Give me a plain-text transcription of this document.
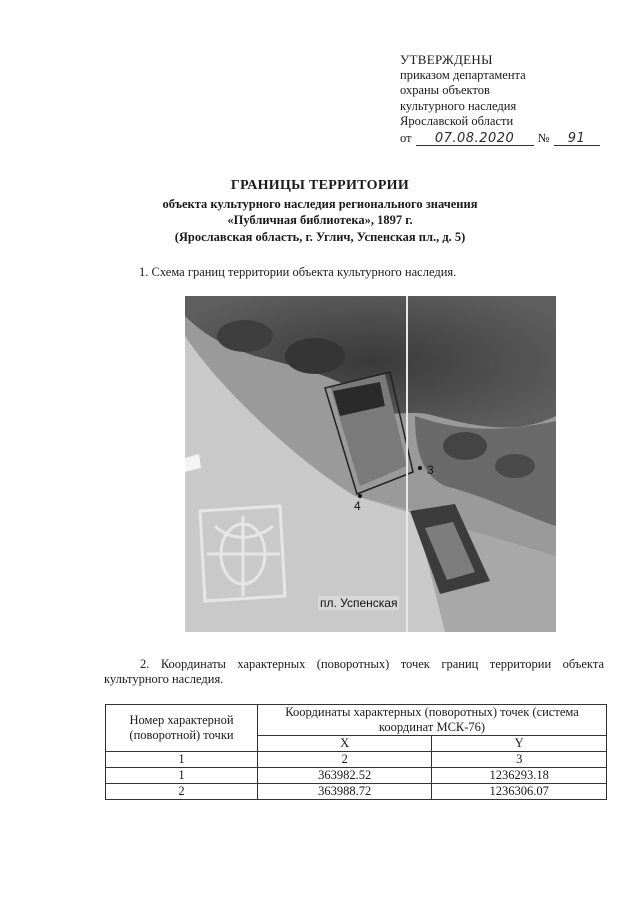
УТВЕРЖДЕНЫ
приказом департамента
охраны объектов
культурного наследия
Ярославской области
от	07.08.2020	№	91
ГРАНИЦЫ ТЕРРИТОРИИ
объекта культурного наследия регионального значения
«Публичная библиотека», 1897 г.
(Ярославская область, г. Углич, Успенская пл., д. 5)
1. Схема границ территории объекта культурного наследия.
3
4
пл. Успенская
2. Координаты характерных (поворотных) точек границ территории объекта культурного наследия.
Номер характерной (поворотной) точки	Координаты характерных (поворотных) точек (система координат МСК-76)	
	X	Y
1	2	3
1	363982.52	1236293.18
2	363988.72	1236306.07
